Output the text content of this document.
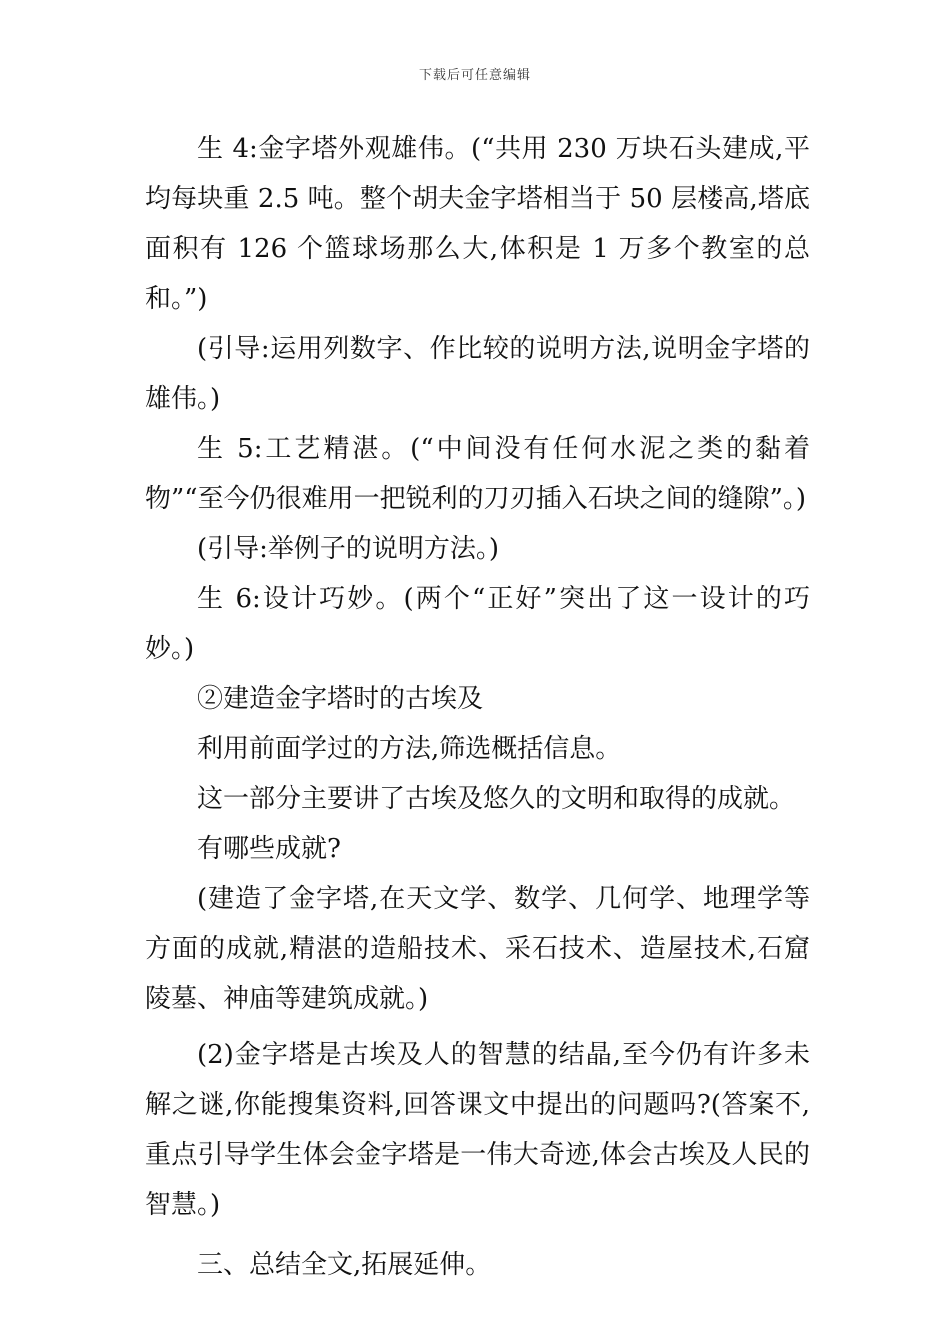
下载后可任意编辑

生 4:金字塔外观雄伟。(“共用 230 万块石头建成,平均每块重 2.5 吨。整个胡夫金字塔相当于 50 层楼高,塔底面积有 126 个篮球场那么大,体积是 1 万多个教室的总和。”)

(引导:运用列数字、作比较的说明方法,说明金字塔的雄伟。)

生 5:工艺精湛。(“中间没有任何水泥之类的黏着物”“至今仍很难用一把锐利的刀刃插入石块之间的缝隙”。)

(引导:举例子的说明方法。)

生 6:设计巧妙。(两个“正好”突出了这一设计的巧妙。)

②建造金字塔时的古埃及

利用前面学过的方法,筛选概括信息。

这一部分主要讲了古埃及悠久的文明和取得的成就。

有哪些成就?

(建造了金字塔,在天文学、数学、几何学、地理学等方面的成就,精湛的造船技术、采石技术、造屋技术,石窟陵墓、神庙等建筑成就。)

(2)金字塔是古埃及人的智慧的结晶,至今仍有许多未解之谜,你能搜集资料,回答课文中提出的问题吗?(答案不,重点引导学生体会金字塔是一伟大奇迹,体会古埃及人民的智慧。)

三、总结全文,拓展延伸。
